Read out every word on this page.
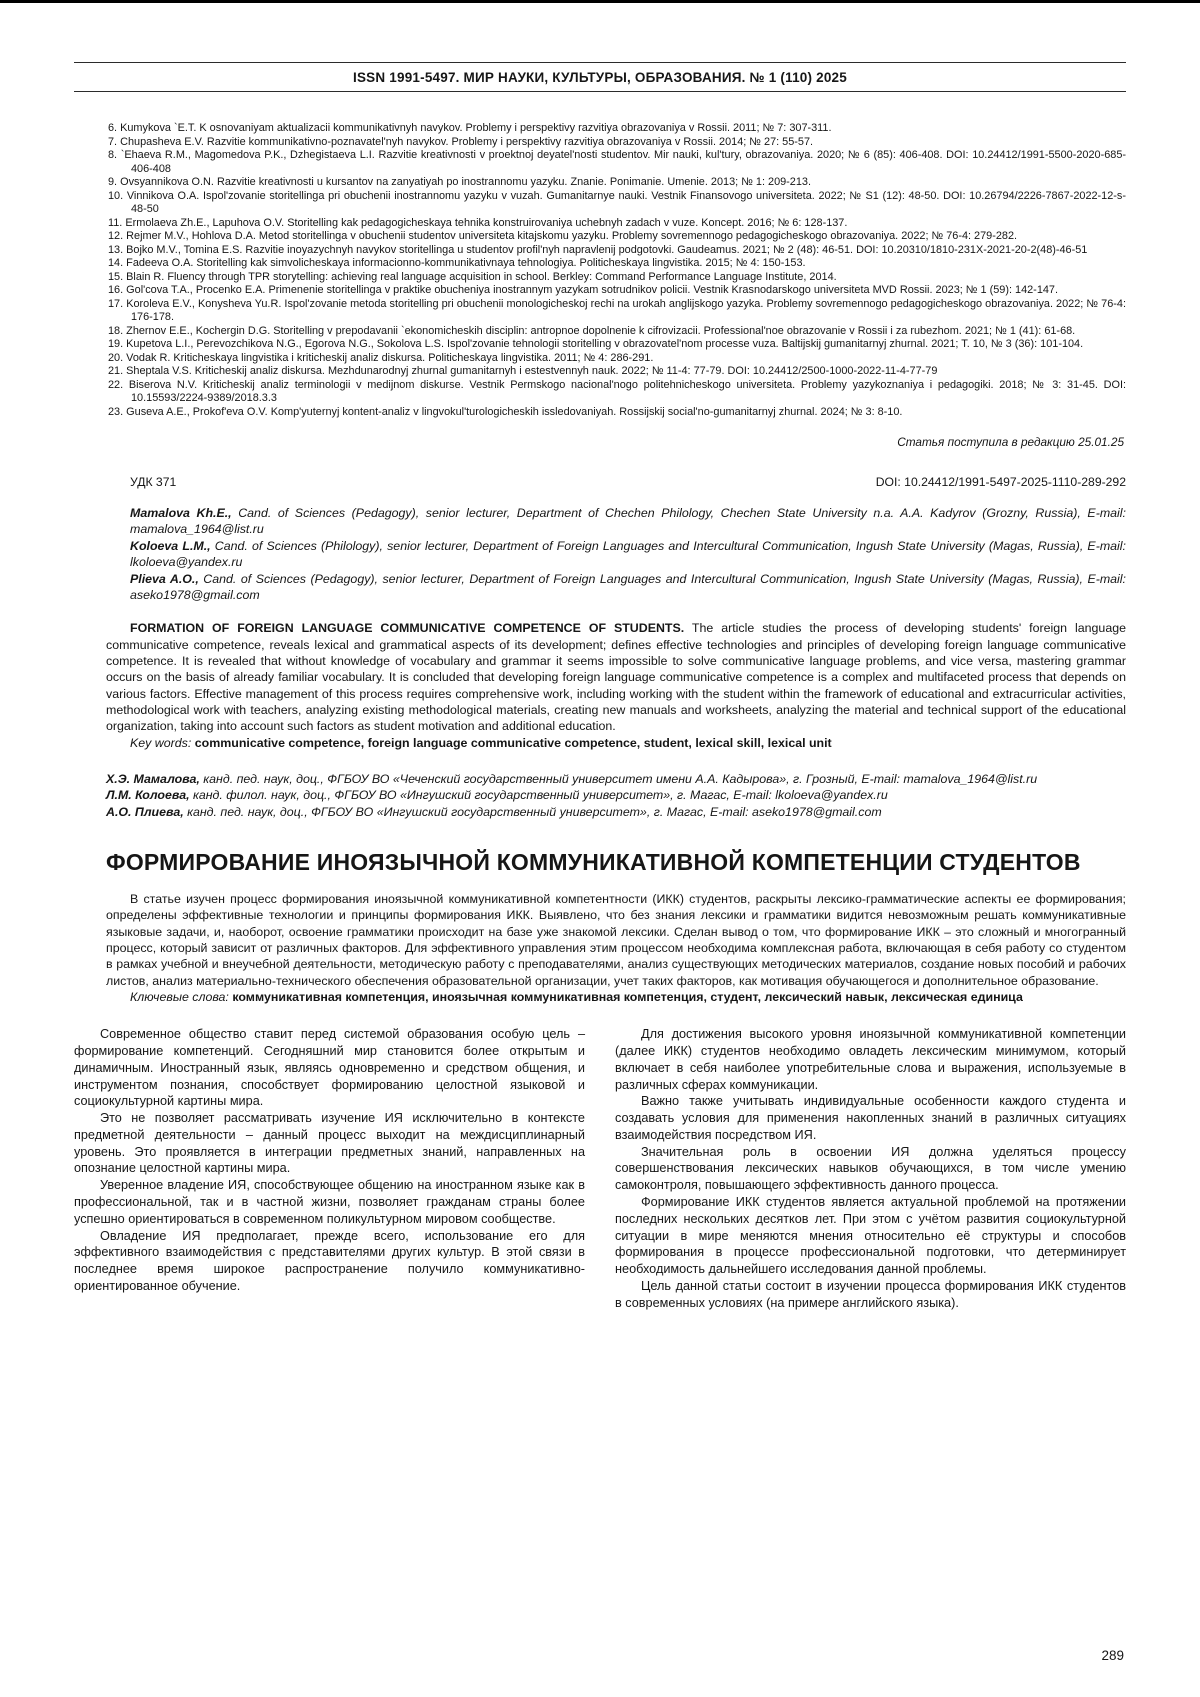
ISSN 1991-5497. МИР НАУКИ, КУЛЬТУРЫ, ОБРАЗОВАНИЯ. № 1 (110) 2025

6. Kumykova `E.T. K osnovaniyam aktualizacii kommunikativnyh navykov. Problemy i perspektivy razvitiya obrazovaniya v Rossii. 2011; № 7: 307-311.

7. Chupasheva E.V. Razvitie kommunikativno-poznavatel'nyh navykov. Problemy i perspektivy razvitiya obrazovaniya v Rossii. 2014; № 27: 55-57.

8. `Ehaeva R.M., Magomedova P.K., Dzhegistaeva L.I. Razvitie kreativnosti v proektnoj deyatel'nosti studentov. Mir nauki, kul'tury, obrazovaniya. 2020; № 6 (85): 406-408. DOI: 10.24412/1991-5500-2020-685-406-408

9. Ovsyannikova O.N. Razvitie kreativnosti u kursantov na zanyatiyah po inostrannomu yazyku. Znanie. Ponimanie. Umenie. 2013; № 1: 209-213.

10. Vinnikova O.A. Ispol'zovanie storitellinga pri obuchenii inostrannomu yazyku v vuzah. Gumanitarnye nauki. Vestnik Finansovogo universiteta. 2022; № S1 (12): 48-50. DOI: 10.26794/2226-7867-2022-12-s-48-50

11. Ermolaeva Zh.E., Lapuhova O.V. Storitelling kak pedagogicheskaya tehnika konstruirovaniya uchebnyh zadach v vuze. Koncept. 2016; № 6: 128-137.

12. Rejmer M.V., Hohlova D.A. Metod storitellinga v obuchenii studentov universiteta kitajskomu yazyku. Problemy sovremennogo pedagogicheskogo obrazovaniya. 2022; № 76-4: 279-282.

13. Bojko M.V., Tomina E.S. Razvitie inoyazychnyh navykov storitellinga u studentov profil'nyh napravlenij podgotovki. Gaudeamus. 2021; № 2 (48): 46-51. DOI: 10.20310/1810-231X-2021-20-2(48)-46-51

14. Fadeeva O.A. Storitelling kak simvolicheskaya informacionno-kommunikativnaya tehnologiya. Politicheskaya lingvistika. 2015; № 4: 150-153.

15. Blain R. Fluency through TPR storytelling: achieving real language acquisition in school. Berkley: Command Performance Language Institute, 2014.

16. Gol'cova T.A., Procenko E.A. Primenenie storitellinga v praktike obucheniya inostrannym yazykam sotrudnikov policii. Vestnik Krasnodarskogo universiteta MVD Rossii. 2023; № 1 (59): 142-147.

17. Koroleva E.V., Konysheva Yu.R. Ispol'zovanie metoda storitelling pri obuchenii monologicheskoj rechi na urokah anglijskogo yazyka. Problemy sovremennogo pedagogicheskogo obrazovaniya. 2022; № 76-4: 176-178.

18. Zhernov E.E., Kochergin D.G. Storitelling v prepodavanii `ekonomicheskih disciplin: antropnoe dopolnenie k cifrovizacii. Professional'noe obrazovanie v Rossii i za rubezhom. 2021; № 1 (41): 61-68.

19. Kupetova L.I., Perevozchikova N.G., Egorova N.G., Sokolova L.S. Ispol'zovanie tehnologii storitelling v obrazovatel'nom processe vuza. Baltijskij gumanitarnyj zhurnal. 2021; T. 10, № 3 (36): 101-104.

20. Vodak R. Kriticheskaya lingvistika i kriticheskij analiz diskursa. Politicheskaya lingvistika. 2011; № 4: 286-291.

21. Sheptala V.S. Kriticheskij analiz diskursa. Mezhdunarodnyj zhurnal gumanitarnyh i estestvennyh nauk. 2022; № 11-4: 77-79. DOI: 10.24412/2500-1000-2022-11-4-77-79

22. Biserova N.V. Kriticheskij analiz terminologii v medijnom diskurse. Vestnik Permskogo nacional'nogo politehnicheskogo universiteta. Problemy yazykoznaniya i pedagogiki. 2018; № 3: 31-45. DOI: 10.15593/2224-9389/2018.3.3

23. Guseva A.E., Prokof'eva O.V. Komp'yuternyj kontent-analiz v lingvokul'turologicheskih issledovaniyah. Rossijskij social'no-gumanitarnyj zhurnal. 2024; № 3: 8-10.

Статья поступила в редакцию 25.01.25
УДК 371	DOI: 10.24412/1991-5497-2025-1110-289-292

Mamalova Kh.E., Cand. of Sciences (Pedagogy), senior lecturer, Department of Chechen Philology, Chechen State University n.a. A.A. Kadyrov (Grozny, Russia), E-mail: mamalova_1964@list.ru

Koloeva L.M., Cand. of Sciences (Philology), senior lecturer, Department of Foreign Languages and Intercultural Communication, Ingush State University (Magas, Russia), E-mail: lkoloeva@yandex.ru

Plieva A.O., Cand. of Sciences (Pedagogy), senior lecturer, Department of Foreign Languages and Intercultural Communication, Ingush State University (Magas, Russia), E-mail: aseko1978@gmail.com

FORMATION OF FOREIGN LANGUAGE COMMUNICATIVE COMPETENCE OF STUDENTS. The article studies the process of developing students' foreign language communicative competence, reveals lexical and grammatical aspects of its development; defines effective technologies and principles of developing foreign language communicative competence. It is revealed that without knowledge of vocabulary and grammar it seems impossible to solve communicative language problems, and vice versa, mastering grammar occurs on the basis of already familiar vocabulary. It is concluded that developing foreign language communicative competence is a complex and multifaceted process that depends on various factors. Effective management of this process requires comprehensive work, including working with the student within the framework of educational and extracurricular activities, methodological work with teachers, analyzing existing methodological materials, creating new manuals and worksheets, analyzing the material and technical support of the educational organization, taking into account such factors as student motivation and additional education.

Key words: communicative competence, foreign language communicative competence, student, lexical skill, lexical unit

Х.Э. Мамалова, канд. пед. наук, доц., ФГБОУ ВО «Чеченский государственный университет имени А.А. Кадырова», г. Грозный, E-mail: mamalova_1964@list.ru

Л.М. Колоева, канд. филол. наук, доц., ФГБОУ ВО «Ингушский государственный университет», г. Магас, E-mail: lkoloeva@yandex.ru

А.О. Плиева, канд. пед. наук, доц., ФГБОУ ВО «Ингушский государственный университет», г. Магас, E-mail: aseko1978@gmail.com

ФОРМИРОВАНИЕ ИНОЯЗЫЧНОЙ КОММУНИКАТИВНОЙ КОМПЕТЕНЦИИ СТУДЕНТОВ

В статье изучен процесс формирования иноязычной коммуникативной компетентности (ИКК) студентов, раскрыты лексико-грамматические аспекты ее формирования; определены эффективные технологии и принципы формирования ИКК. Выявлено, что без знания лексики и грамматики видится невозможным решать коммуникативные языковые задачи, и, наоборот, освоение грамматики происходит на базе уже знакомой лексики. Сделан вывод о том, что формирование ИКК – это сложный и многогранный процесс, который зависит от различных факторов. Для эффективного управления этим процессом необходима комплексная работа, включающая в себя работу со студентом в рамках учебной и внеучебной деятельности, методическую работу с преподавателями, анализ существующих методических материалов, создание новых пособий и рабочих листов, анализ материально-технического обеспечения образовательной организации, учет таких факторов, как мотивация обучающегося и дополнительное образование.

Ключевые слова: коммуникативная компетенция, иноязычная коммуникативная компетенция, студент, лексический навык, лексическая единица

Современное общество ставит перед системой образования особую цель – формирование компетенций. Сегодняшний мир становится более открытым и динамичным. Иностранный язык, являясь одновременно и средством общения, и инструментом познания, способствует формированию целостной языковой и социокультурной картины мира.

Это не позволяет рассматривать изучение ИЯ исключительно в контексте предметной деятельности – данный процесс выходит на междисциплинарный уровень. Это проявляется в интеграции предметных знаний, направленных на опознание целостной картины мира.

Уверенное владение ИЯ, способствующее общению на иностранном языке как в профессиональной, так и в частной жизни, позволяет гражданам страны более успешно ориентироваться в современном поликультурном мировом сообществе.

Овладение ИЯ предполагает, прежде всего, использование его для эффективного взаимодействия с представителями других культур. В этой связи в последнее время широкое распространение получило коммуникативно-ориентированное обучение.

Для достижения высокого уровня иноязычной коммуникативной компетенции (далее ИКК) студентов необходимо овладеть лексическим минимумом, который включает в себя наиболее употребительные слова и выражения, используемые в различных сферах коммуникации.

Важно также учитывать индивидуальные особенности каждого студента и создавать условия для применения накопленных знаний в различных ситуациях взаимодействия посредством ИЯ.

Значительная роль в освоении ИЯ должна уделяться процессу совершенствования лексических навыков обучающихся, в том числе умению самоконтроля, повышающего эффективность данного процесса.

Формирование ИКК студентов является актуальной проблемой на протяжении последних нескольких десятков лет. При этом с учётом развития социокультурной ситуации в мире меняются мнения относительно её структуры и способов формирования в процессе профессиональной подготовки, что детерминирует необходимость дальнейшего исследования данной проблемы.

Цель данной статьи состоит в изучении процесса формирования ИКК студентов в современных условиях (на примере английского языка).

289
